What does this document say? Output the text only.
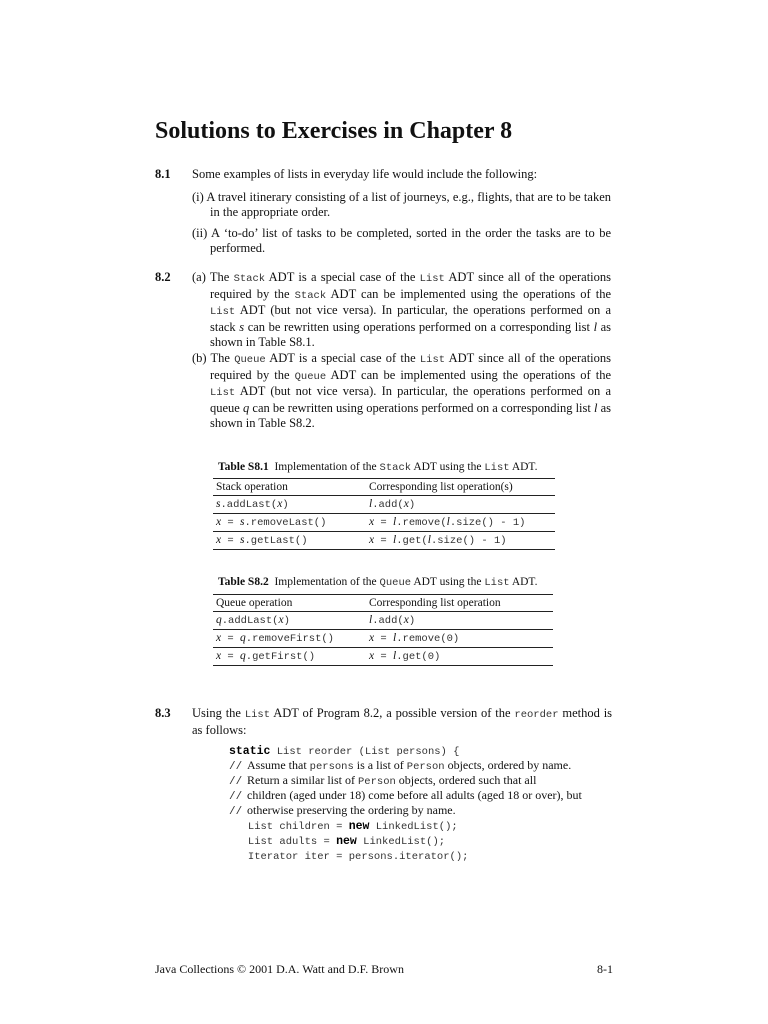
Solutions to Exercises in Chapter 8
8.1 Some examples of lists in everyday life would include the following:
(i) A travel itinerary consisting of a list of journeys, e.g., flights, that are to be taken in the appropriate order.
(ii) A ‘to-do’ list of tasks to be completed, sorted in the order the tasks are to be performed.
8.2 (a) The Stack ADT is a special case of the List ADT since all of the operations required by the Stack ADT can be implemented using the operations of the List ADT (but not vice versa). In particular, the operations performed on a stack s can be rewritten using operations performed on a corresponding list l as shown in Table S8.1.
(b) The Queue ADT is a special case of the List ADT since all of the operations required by the Queue ADT can be implemented using the operations of the List ADT (but not vice versa). In particular, the operations performed on a queue q can be rewritten using operations performed on a corresponding list l as shown in Table S8.2.
Table S8.1 Implementation of the Stack ADT using the List ADT.
Stack operation	Corresponding list operation(s)
s.addLast(x)	l.add(x)
x = s.removeLast()	x = l.remove(l.size() - 1)
x = s.getLast()	x = l.get(l.size() - 1)
Table S8.2 Implementation of the Queue ADT using the List ADT.
Queue operation	Corresponding list operation
q.addLast(x)	l.add(x)
x = q.removeFirst()	x = l.remove(0)
x = q.getFirst()	x = l.get(0)
8.3 Using the List ADT of Program 8.2, a possible version of the reorder method is as follows:
static List reorder (List persons) {
// Assume that persons is a list of Person objects, ordered by name.
// Return a similar list of Person objects, ordered such that all
// children (aged under 18) come before all adults (aged 18 or over), but
// otherwise preserving the ordering by name.
List children = new LinkedList();
List adults = new LinkedList();
Iterator iter = persons.iterator();
Java Collections © 2001 D.A. Watt and D.F. Brown	8-1
